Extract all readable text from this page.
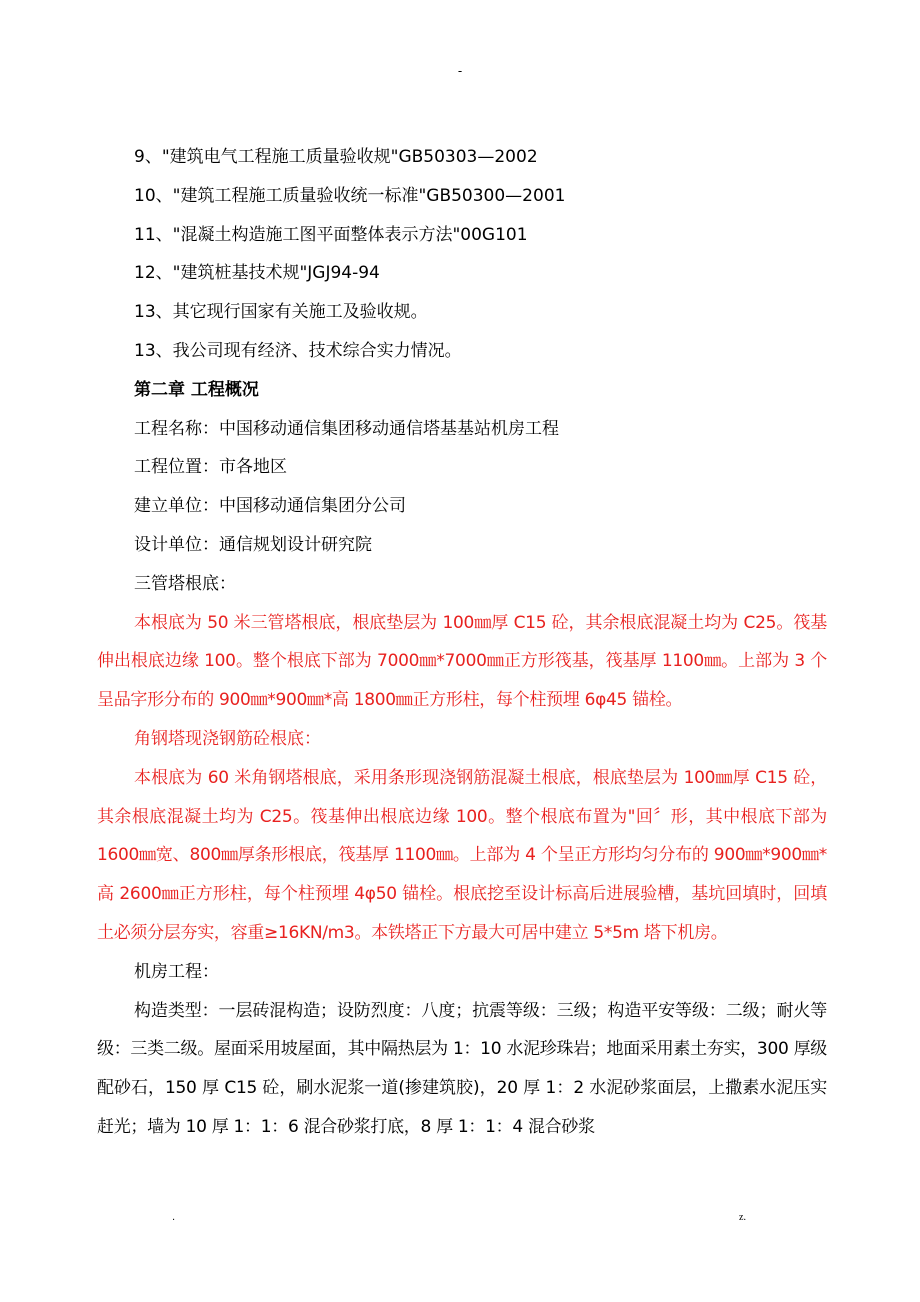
-
9、"建筑电气工程施工质量验收规"GB50303—2002
10、"建筑工程施工质量验收统一标准"GB50300—2001
11、"混凝土构造施工图平面整体表示方法"00G101
12、"建筑桩基技术规"JGJ94-94
13、其它现行国家有关施工及验收规。
13、我公司现有经济、技术综合实力情况。
第二章 工程概况
工程名称：中国移动通信集团移动通信塔基基站机房工程
工程位置：市各地区
建立单位：中国移动通信集团分公司
设计单位：通信规划设计研究院
三管塔根底：
本根底为 50 米三管塔根底，根底垫层为 100㎜厚 C15 砼，其余根底混凝土均为 C25。筏基伸出根底边缘 100。整个根底下部为 7000㎜*7000㎜正方形筏基，筏基厚 1100㎜。上部为 3 个呈品字形分布的 900㎜*900㎜*高 1800㎜正方形柱，每个柱预埋 6φ45 锚栓。
角钢塔现浇钢筋砼根底：
本根底为 60 米角钢塔根底，采用条形现浇钢筋混凝土根底，根底垫层为 100㎜厚 C15 砼，其余根底混凝土均为 C25。筏基伸出根底边缘 100。整个根底布置为"回〞形，其中根底下部为 1600㎜宽、800㎜厚条形根底，筏基厚 1100㎜。上部为 4 个呈正方形均匀分布的 900㎜*900㎜*高 2600㎜正方形柱，每个柱预埋 4φ50 锚栓。根底挖至设计标高后进展验槽，基坑回填时，回填土必须分层夯实，容重≥16KN/m3。本铁塔正下方最大可居中建立 5*5m 塔下机房。
机房工程：
构造类型：一层砖混构造；设防烈度：八度；抗震等级：三级；构造平安等级：二级；耐火等级：三类二级。屋面采用坡屋面，其中隔热层为 1：10 水泥珍珠岩；地面采用素土夯实，300 厚级配砂石，150 厚 C15 砼，刷水泥浆一道(掺建筑胶)，20 厚 1：2 水泥砂浆面层，上撒素水泥压实赶光；墙为 10 厚 1：1：6 混合砂浆打底，8 厚 1：1：4 混合砂浆
.	z.
